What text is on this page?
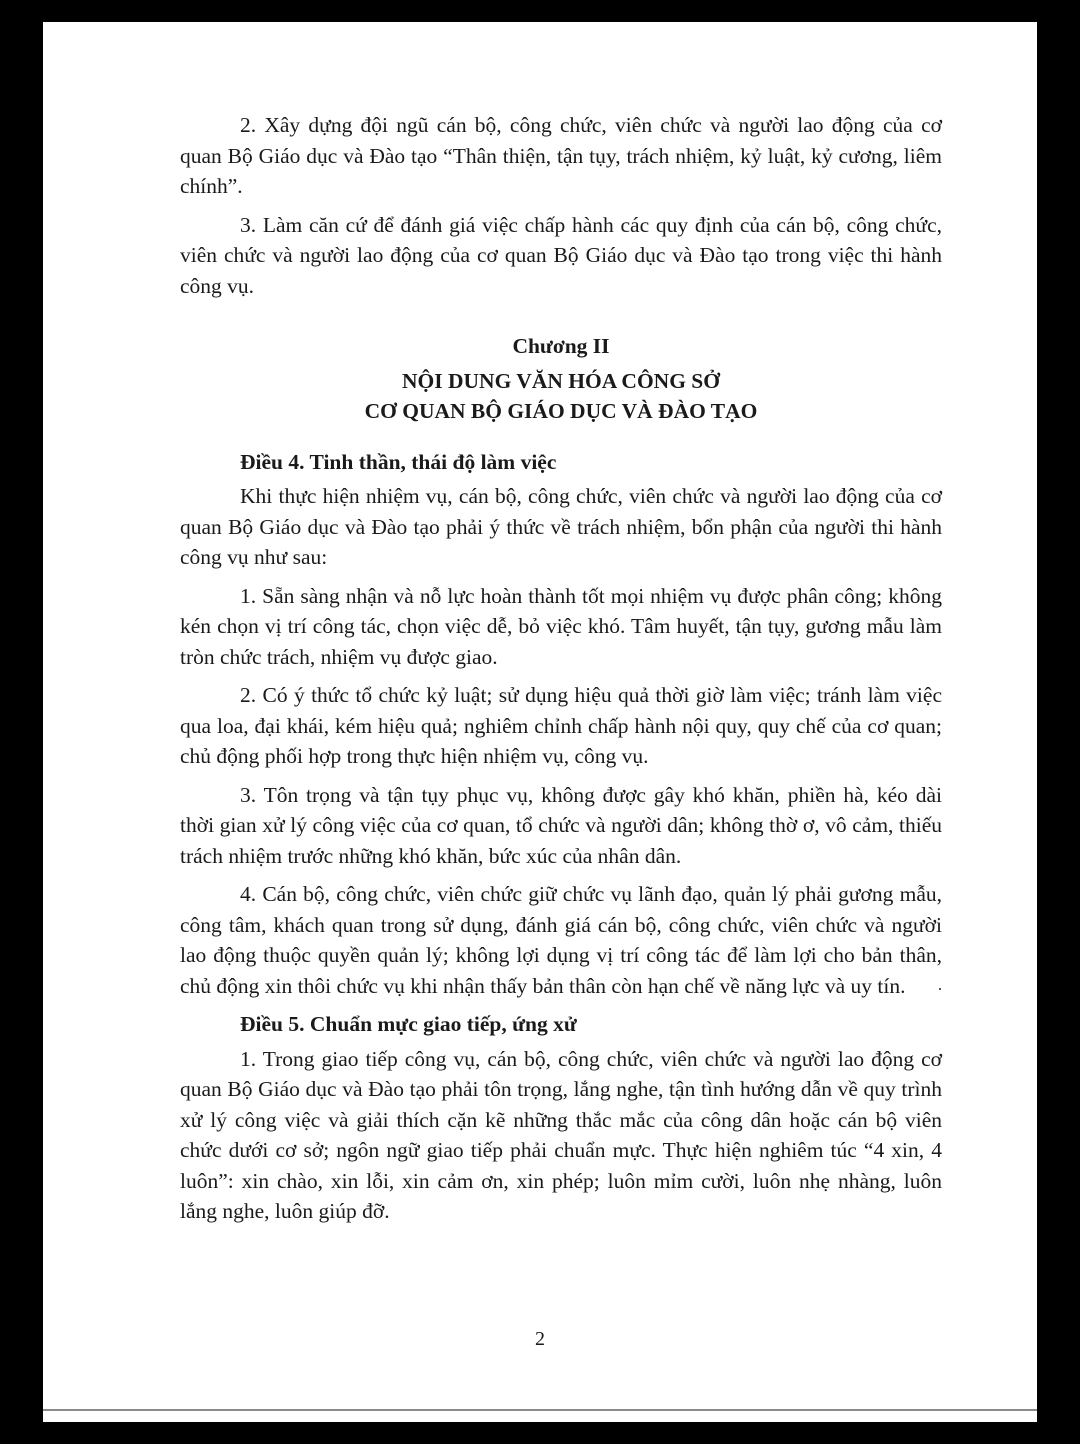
2. Xây dựng đội ngũ cán bộ, công chức, viên chức và người lao động của cơ quan Bộ Giáo dục và Đào tạo “Thân thiện, tận tụy, trách nhiệm, kỷ luật, kỷ cương, liêm chính”.

3. Làm căn cứ để đánh giá việc chấp hành các quy định của cán bộ, công chức, viên chức và người lao động của cơ quan Bộ Giáo dục và Đào tạo trong việc thi hành công vụ.

Chương II

NỘI DUNG VĂN HÓA CÔNG SỞ

CƠ QUAN BỘ GIÁO DỤC VÀ ĐÀO TẠO

Điều 4. Tinh thần, thái độ làm việc

Khi thực hiện nhiệm vụ, cán bộ, công chức, viên chức và người lao động của cơ quan Bộ Giáo dục và Đào tạo phải ý thức về trách nhiệm, bổn phận của người thi hành công vụ như sau:

1. Sẵn sàng nhận và nỗ lực hoàn thành tốt mọi nhiệm vụ được phân công; không kén chọn vị trí công tác, chọn việc dễ, bỏ việc khó. Tâm huyết, tận tụy, gương mẫu làm tròn chức trách, nhiệm vụ được giao.

2. Có ý thức tổ chức kỷ luật; sử dụng hiệu quả thời giờ làm việc; tránh làm việc qua loa, đại khái, kém hiệu quả; nghiêm chỉnh chấp hành nội quy, quy chế của cơ quan; chủ động phối hợp trong thực hiện nhiệm vụ, công vụ.

3. Tôn trọng và tận tụy phục vụ, không được gây khó khăn, phiền hà, kéo dài thời gian xử lý công việc của cơ quan, tổ chức và người dân; không thờ ơ, vô cảm, thiếu trách nhiệm trước những khó khăn, bức xúc của nhân dân.

4. Cán bộ, công chức, viên chức giữ chức vụ lãnh đạo, quản lý phải gương mẫu, công tâm, khách quan trong sử dụng, đánh giá cán bộ, công chức, viên chức và người lao động thuộc quyền quản lý; không lợi dụng vị trí công tác để làm lợi cho bản thân, chủ động xin thôi chức vụ khi nhận thấy bản thân còn hạn chế về năng lực và uy tín.

Điều 5. Chuẩn mực giao tiếp, ứng xử

1. Trong giao tiếp công vụ, cán bộ, công chức, viên chức và người lao động cơ quan Bộ Giáo dục và Đào tạo phải tôn trọng, lắng nghe, tận tình hướng dẫn về quy trình xử lý công việc và giải thích cặn kẽ những thắc mắc của công dân hoặc cán bộ viên chức dưới cơ sở; ngôn ngữ giao tiếp phải chuẩn mực. Thực hiện nghiêm túc “4 xin, 4 luôn”: xin chào, xin lỗi, xin cảm ơn, xin phép; luôn mỉm cười, luôn nhẹ nhàng, luôn lắng nghe, luôn giúp đỡ.

2
